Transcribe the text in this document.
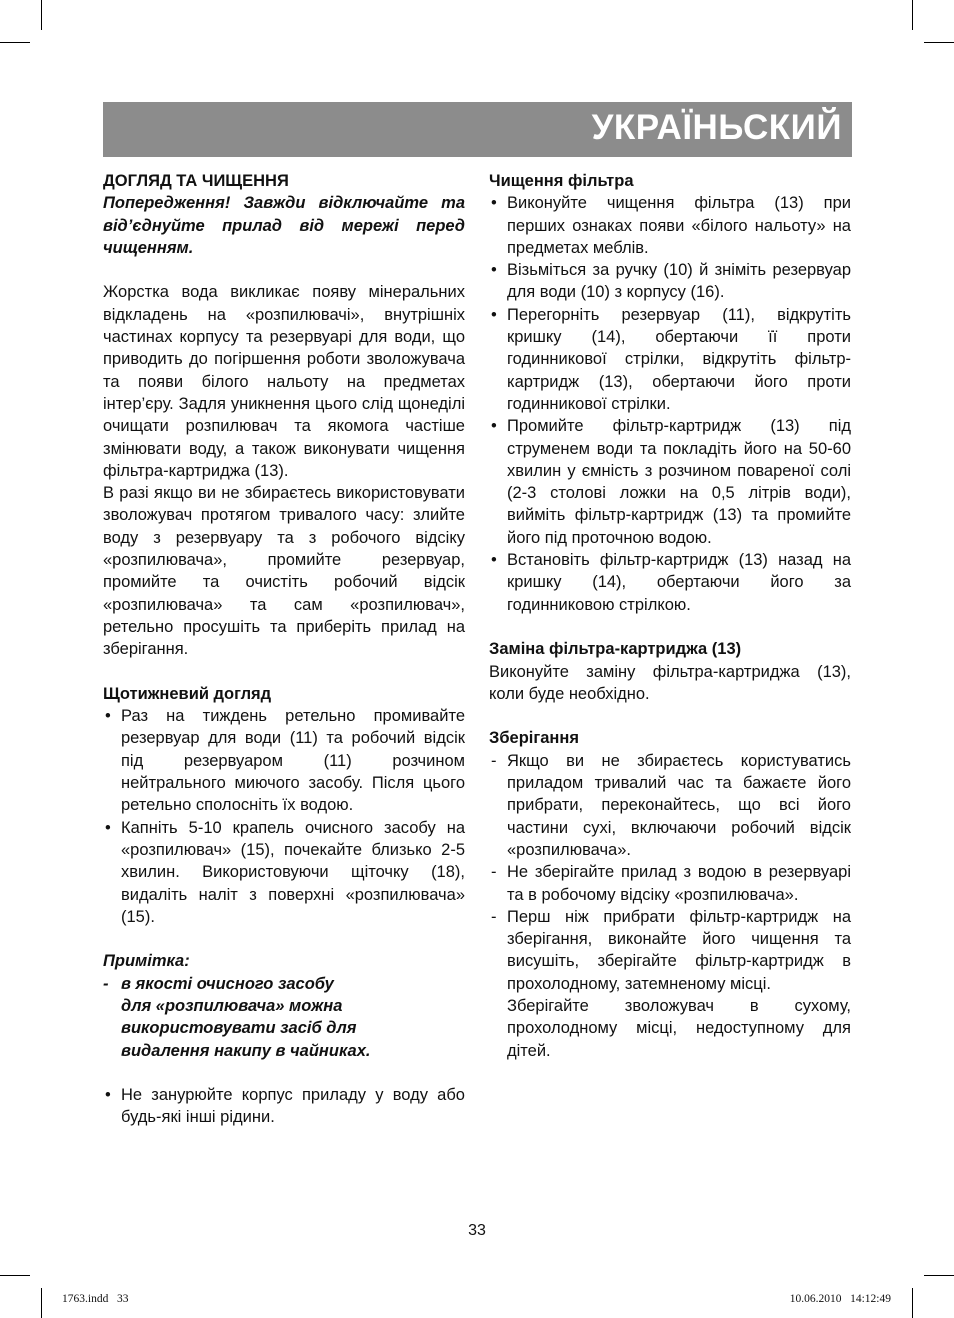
УКРАЇНЬСКИЙ

ДОГЛЯД ТА ЧИЩЕННЯ

Попередження! Завжди відключайте та від’єднуйте прилад від мережі перед чищенням.

Жорстка вода викликає появу мінеральних відкладень на «розпилювачі», внутрішніх частинах корпусу та резервуарі для води, що приводить до погіршення роботи зволожувача та появи білого нальоту на предметах інтер’єру. Задля уникнення цього слід щонеділі очищати розпилювач та якомога частіше змінювати воду, а також виконувати чищення фільтра-картриджа (13).

В разі якщо ви не збираєтесь використовувати зволожувач протягом тривалого часу: злийте воду з резервуару та з робочого відсіку «розпилювача», промийте резервуар, промийте та очистіть робочий відсік «розпилювача» та сам «розпилювач», ретельно просушіть та приберіть прилад на зберігання.

Щотижневий догляд

• Раз на тиждень ретельно промивайте резервуар для води (11) та робочий відсік під резервуаром (11) розчином нейтрального миючого засобу. Після цього ретельно сполосніть їх водою.
• Капніть 5-10 крапель очисного засобу на «розпилювач» (15), почекайте близько 2-5 хвилин. Використовуючи щіточку (18), видаліть наліт з поверхні «розпилювача» (15).

Примітка:

- в якості очисного засобу
для «розпилювача» можна
використовувати засіб для
видалення накипу в чайниках.
• Не занурюйте корпус приладу у воду або будь-які інші рідини.

Чищення фільтра

• Виконуйте чищення фільтра (13) при перших ознаках появи «білого нальоту» на предметах меблів.
• Візьміться за ручку (10) й зніміть резервуар для води (10) з корпусу (16).
• Перегорніть резервуар (11), відкрутіть кришку (14), обертаючи її проти годинникової стрілки, відкрутіть фільтр-картридж (13), обертаючи його проти годинникової стрілки.
• Промийте фільтр-картридж (13) під струменем води та покладіть його на 50-60 хвилин у ємність з розчином повареної солі (2-3 столові ложки на 0,5 літрів води), вийміть фільтр-картридж (13) та промийте його під проточною водою.
• Встановіть фільтр-картридж (13) назад на кришку (14), обертаючи його за годинниковою стрілкою.

Заміна фільтра-картриджа (13)

Виконуйте заміну фільтра-картриджа (13), коли буде необхідно.

Зберігання

- Якщо ви не збираєтесь користуватись приладом тривалий час та бажаєте його прибрати, переконайтесь, що всі його частини сухі, включаючи робочий відсік «розпилювача».
- Не зберігайте прилад з водою в резервуарі та в робочому відсіку «розпилювача».
- Перш ніж прибрати фільтр-картридж на зберігання, виконайте його чищення та висушіть, зберігайте фільтр-картридж в прохолодному, затемненому місці.

Зберігайте зволожувач в сухому, прохолодному місці, недоступному для дітей.

33
1763.indd   33	10.06.2010   14:12:49
